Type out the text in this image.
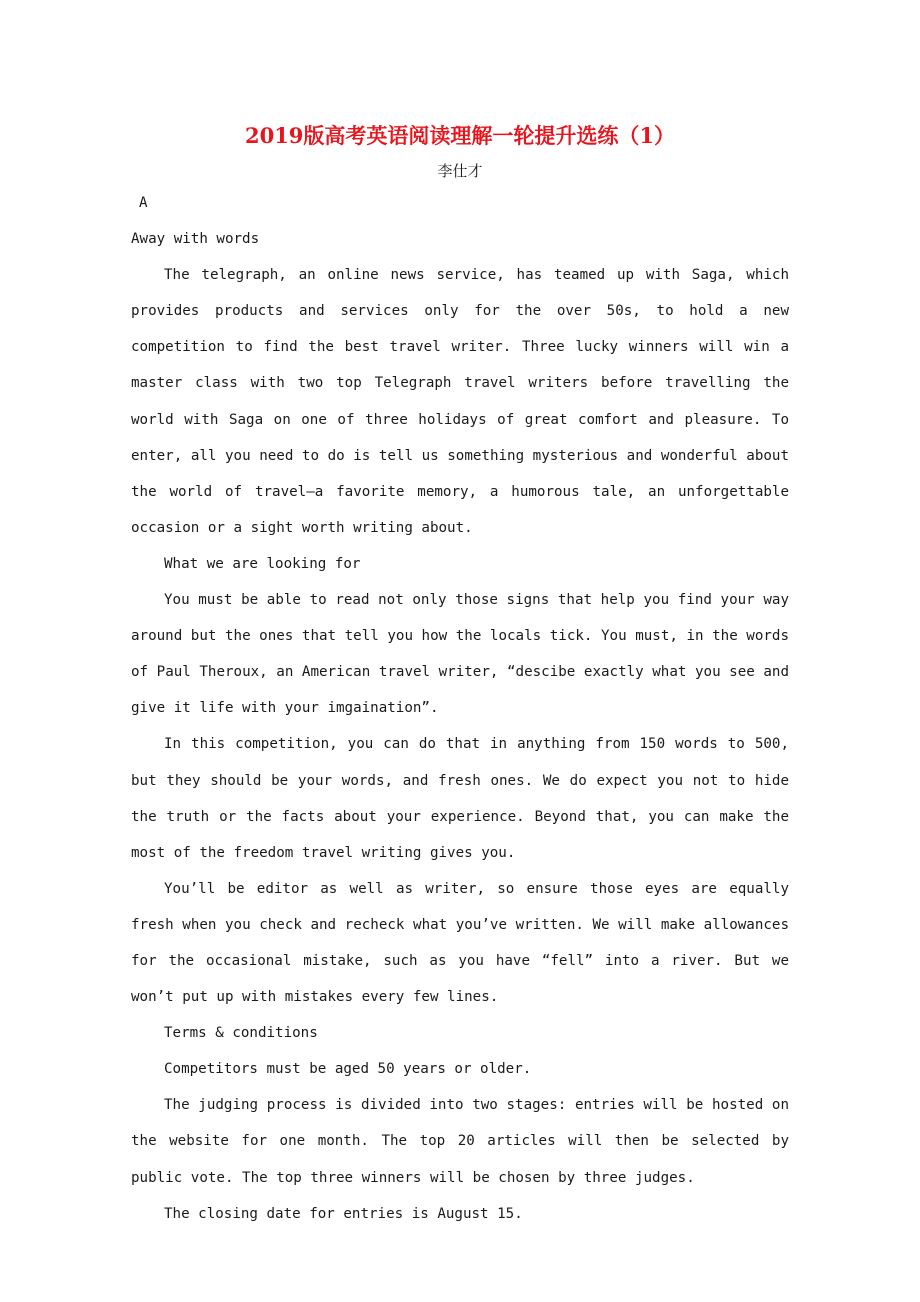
2019版高考英语阅读理解一轮提升选练（1）
李仕才
A
Away with words

The telegraph, an online news service, has teamed up with Saga, which provides products and services only for the over 50s, to hold a new competition to find the best travel writer. Three lucky winners will win a master class with two top Telegraph travel writers before travelling the world with Saga on one of three holidays of great comfort and pleasure. To enter, all you need to do is tell us something mysterious and wonderful about the world of travel—a favorite memory, a humorous tale, an unforgettable occasion or a sight worth writing about.

What we are looking for

You must be able to read not only those signs that help you find your way around but the ones that tell you how the locals tick. You must, in the words of Paul Theroux, an American travel writer, “descibe exactly what you see and give it life with your imgaination”.

In this competition, you can do that in anything from 150 words to 500, but they should be your words, and fresh ones. We do expect you not to hide the truth or the facts about your experience. Beyond that, you can make the most of the freedom travel writing gives you.

You’ll be editor as well as writer, so ensure those eyes are equally fresh when you check and recheck what you’ve written. We will make allowances for the occasional mistake, such as you have “fell” into a river. But we won’t put up with mistakes every few lines.

Terms & conditions

Competitors must be aged 50 years or older.

The judging process is divided into two stages: entries will be hosted on the website for one month. The top 20 articles will then be selected by public vote. The top three winners will be chosen by three judges.

The closing date for entries is August 15.
